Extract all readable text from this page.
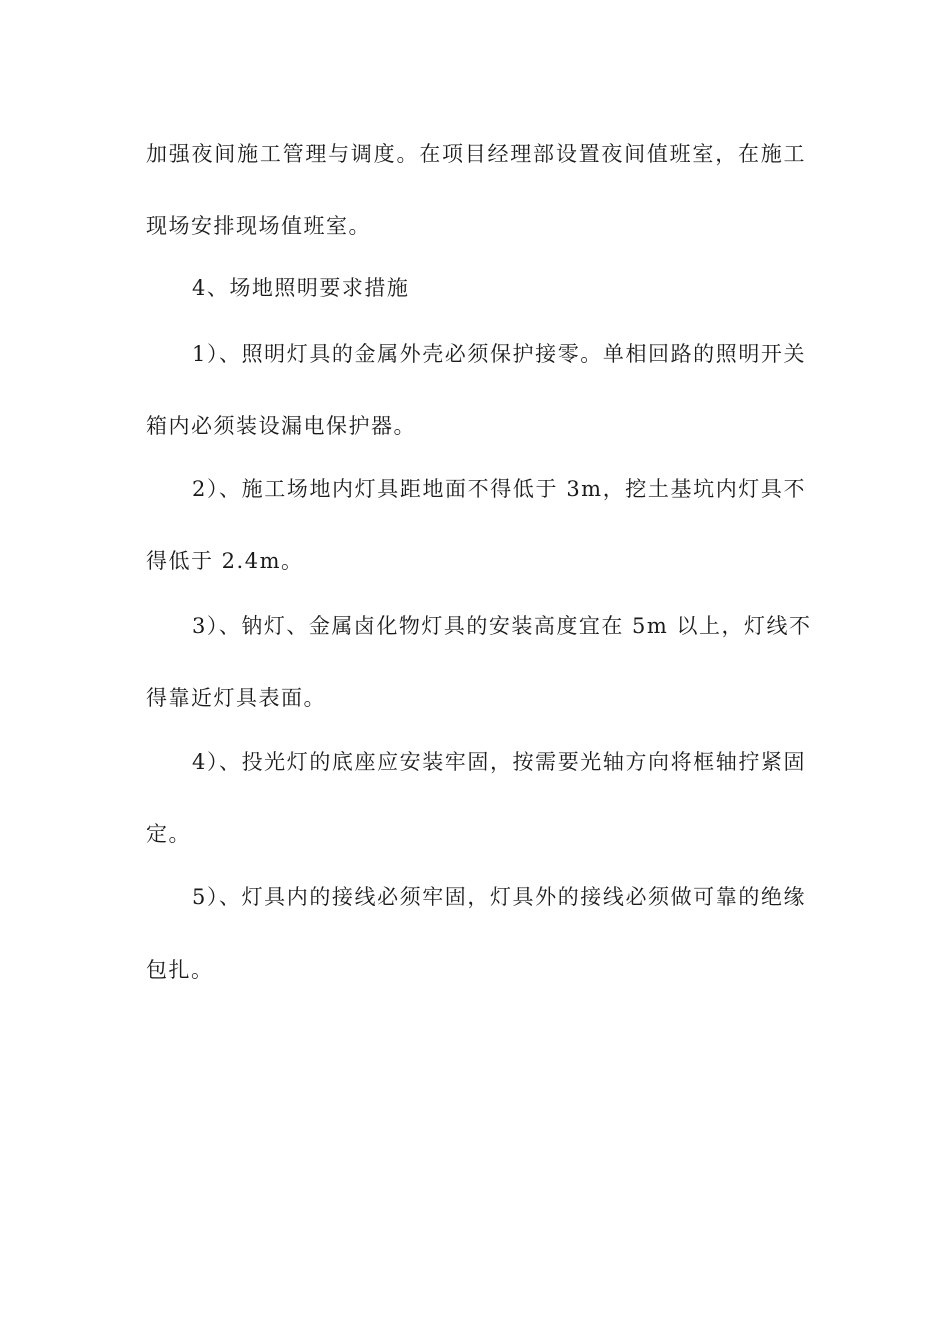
加强夜间施工管理与调度。在项目经理部设置夜间值班室，在施工
现场安排现场值班室。
4、场地照明要求措施
1）、照明灯具的金属外壳必须保护接零。单相回路的照明开关
箱内必须装设漏电保护器。
2）、施工场地内灯具距地面不得低于 3m，挖土基坑内灯具不
得低于 2.4m。
3）、钠灯、金属卤化物灯具的安装高度宜在 5m 以上，灯线不
得靠近灯具表面。
4）、投光灯的底座应安装牢固，按需要光轴方向将框轴拧紧固
定。
5）、灯具内的接线必须牢固，灯具外的接线必须做可靠的绝缘
包扎。
